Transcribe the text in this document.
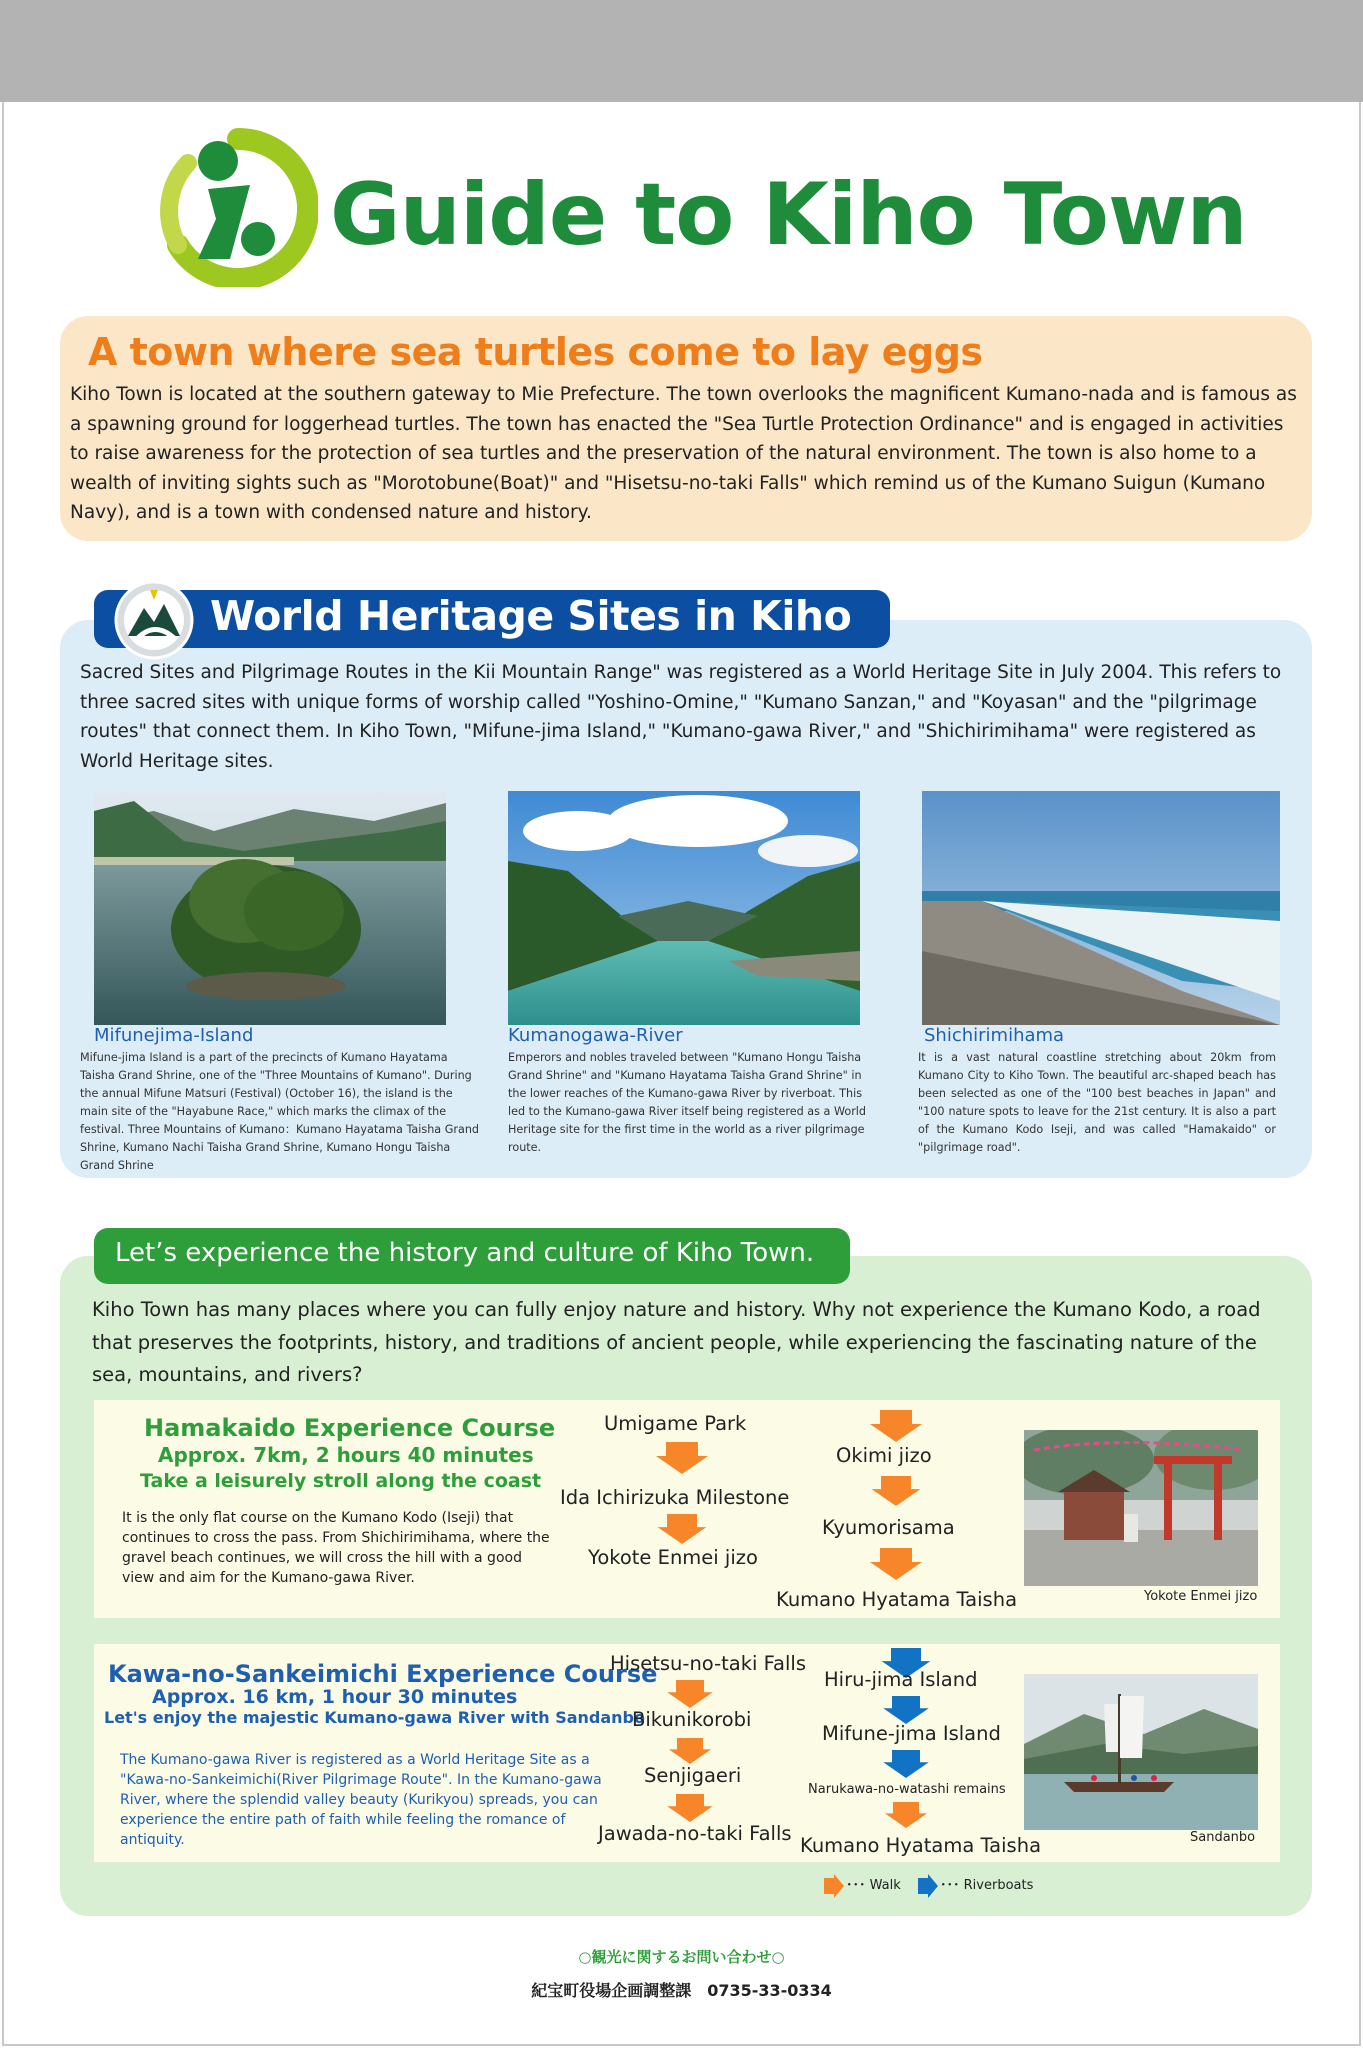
Guide to Kiho Town
A town where sea turtles come to lay eggs
Kiho Town is located at the southern gateway to Mie Prefecture. The town overlooks the magnificent Kumano-nada and is famous as a spawning ground for loggerhead turtles. The town has enacted the "Sea Turtle Protection Ordinance" and is engaged in activities to raise awareness for the protection of sea turtles and the preservation of the natural environment. The town is also home to a wealth of inviting sights such as "Morotobune(Boat)" and "Hisetsu-no-taki Falls" which remind us of the Kumano Suigun (Kumano Navy), and is a town with condensed nature and history.
World Heritage Sites in Kiho
Sacred Sites and Pilgrimage Routes in the Kii Mountain Range" was registered as a World Heritage Site in July 2004. This refers to three sacred sites with unique forms of worship called "Yoshino-Omine," "Kumano Sanzan," and "Koyasan" and the "pilgrimage routes" that connect them. In Kiho Town, "Mifune-jima Island," "Kumano-gawa River," and "Shichirimihama" were registered as World Heritage sites.
Mifunejima-Island
Mifune-jima Island is a part of the precincts of Kumano Hayatama Taisha Grand Shrine, one of the "Three Mountains of Kumano". During the annual Mifune Matsuri (Festival) (October 16), the island is the main site of the "Hayabune Race," which marks the climax of the festival. Three Mountains of Kumano：Kumano Hayatama Taisha Grand Shrine, Kumano Nachi Taisha Grand Shrine, Kumano Hongu Taisha Grand Shrine
Kumanogawa-River
Emperors and nobles traveled between "Kumano Hongu Taisha Grand Shrine" and "Kumano Hayatama Taisha Grand Shrine" in the lower reaches of the Kumano-gawa River by riverboat. This led to the Kumano-gawa River itself being registered as a World Heritage site for the first time in the world as a river pilgrimage route.
Shichirimihama
It is a vast natural coastline stretching about 20km from Kumano City to Kiho Town. The beautiful arc-shaped beach has been selected as one of the "100 best beaches in Japan" and "100 nature spots to leave for the 21st century. It is also a part of the Kumano Kodo Iseji, and was called "Hamakaido" or "pilgrimage road".
Let’s experience the history and culture of Kiho Town.
Kiho Town has many places where you can fully enjoy nature and history. Why not experience the Kumano Kodo, a road that preserves the footprints, history, and traditions of ancient people, while experiencing the fascinating nature of the sea, mountains, and rivers?
Hamakaido Experience Course
Approx. 7km, 2 hours 40 minutes
Take a leisurely stroll along the coast
It is the only flat course on the Kumano Kodo (Iseji) that continues to cross the pass. From Shichirimihama, where the gravel beach continues, we will cross the hill with a good view and aim for the Kumano-gawa River.
Umigame Park
Ida Ichirizuka Milestone
Yokote Enmei jizo
Okimi jizo
Kyumorisama
Kumano Hyatama Taisha	Yokote Enmei jizo
Kawa-no-Sankeimichi Experience Course
Approx. 16 km, 1 hour 30 minutes
Let's enjoy the majestic Kumano-gawa River with Sandanbo
The Kumano-gawa River is registered as a World Heritage Site as a "Kawa-no-Sankeimichi(River Pilgrimage Route". In the Kumano-gawa River, where the splendid valley beauty (Kurikyou) spreads, you can experience the entire path of faith while feeling the romance of antiquity.
Hisetsu-no-taki Falls
Bikunikorobi
Senjigaeri
Jawada-no-taki Falls
Hiru-jima Island
Mifune-jima Island
Narukawa-no-watashi remains
Kumano Hyatama Taisha	Sandanbo
･･･ Walk	･･･ Riverboats
○観光に関するお問い合わせ○
紀宝町役場企画調整課　0735-33-0334
